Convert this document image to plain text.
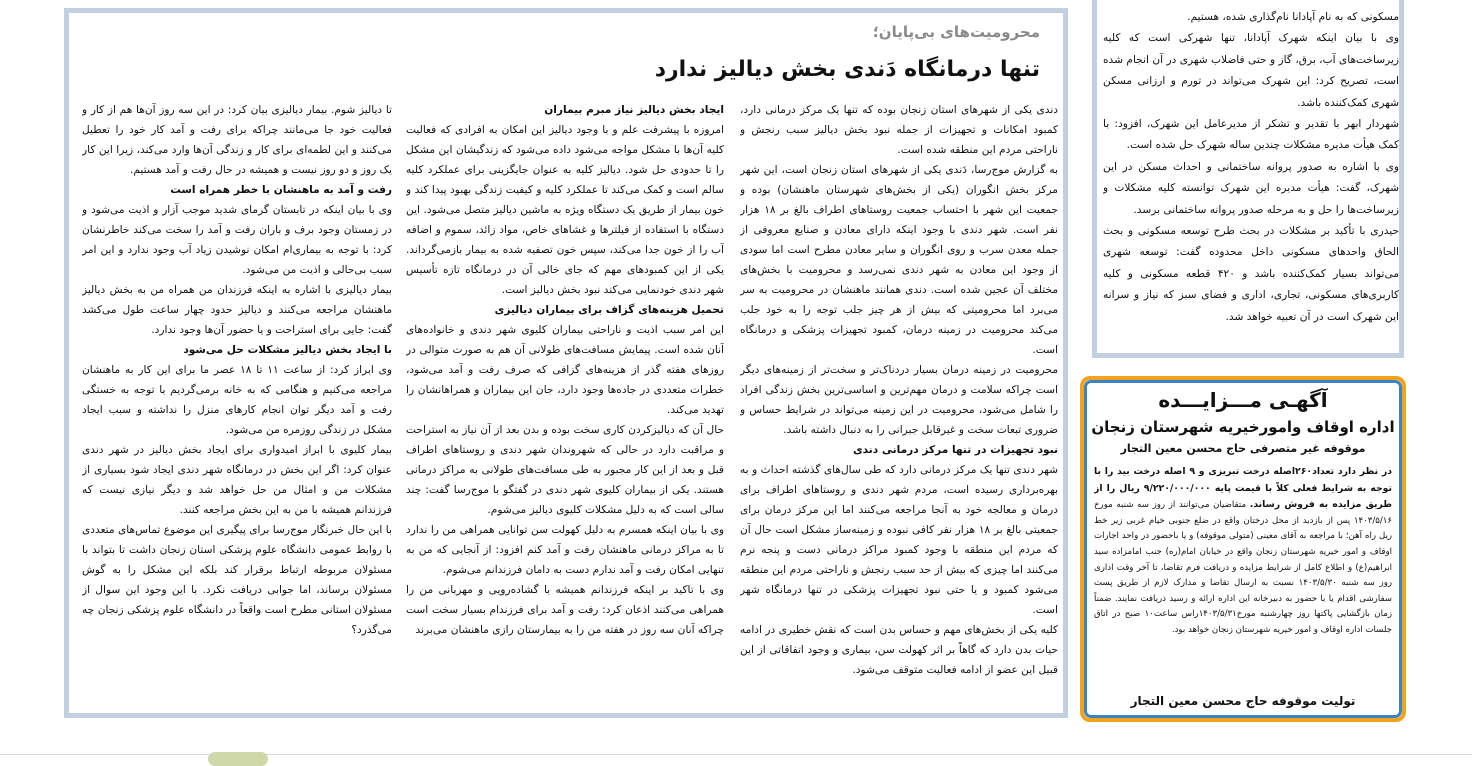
محرومیت‌های بی‌پایان؛
تنها درمانگاه دَندی بخش دیالیز ندارد

دندی یکی از شهرهای استان زنجان بوده که تنها یک مرکز درمانی دارد، کمبود امکانات و تجهیزات از جمله نبود بخش دیالیز سبب رنجش و ناراحتی مردم این منطقه شده است.

به گزارش موج‌رسا، دَندی یکی از شهرهای استان زنجان است، این شهر مرکز بخش انگوران (یکی از بخش‌های شهرستان ماهنشان) بوده و جمعیت این شهر با احتساب جمعیت روستاهای اطراف بالغ بر ۱۸ هزار نفر است. شهر دندی با وجود اینکه دارای معادن و صنایع معروفی از جمله معدن سرب و روی انگوران و سایر معادن مطرح است اما سودی از وجود این معادن به شهر دندی نمی‌رسد و محرومیت با بخش‌های مختلف آن عجین شده است. دندی همانند ماهنشان در محرومیت به سر می‌برد اما محرومیتی که بیش از هر چیز جلب توجه را به خود جلب می‌کند محرومیت در زمینه درمان، کمبود تجهیزات پزشکی و درمانگاه است.

محرومیت در زمینه درمان بسیار دردناک‌تر و سخت‌تر از زمینه‌های دیگر است چراکه سلامت و درمان مهم‌ترین و اساسی‌ترین بخش زندگی افراد را شامل می‌شود، محرومیت در این زمینه می‌تواند در شرایط حساس و ضروری تبعات سخت و غیرقابل جبرانی را به دنبال داشته باشد.

نبود تجهیزات در تنها مرکز درمانی دندی

شهر دندی تنها یک مرکز درمانی دارد که طی سال‌های گذشته احداث و به بهره‌برداری رسیده است، مردم شهر دندی و روستاهای اطراف برای درمان و معالجه خود به آنجا مراجعه می‌کنند اما این مرکز درمان برای جمعیتی بالغ بر ۱۸ هزار نفر کافی نبوده و زمینه‌ساز مشکل است حال آن که مردم این منطقه با وجود کمبود مراکز درمانی دست و پنجه نرم می‌کنند اما چیزی که بیش از حد سبب رنجش و ناراحتی مردم این منطقه می‌شود کمبود و یا حتی نبود تجهیزات پزشکی در تنها درمانگاه شهر است.

کلیه یکی از بخش‌های مهم و حساس بدن است که نقش خطیری در ادامه حیات بدن دارد که گاهاً بر اثر کهولت سن، بیماری و وجود اتفاقاتی از این قبیل این عضو از ادامه فعالیت متوقف می‌شود.

ایجاد بخش دیالیز نیاز مبرم بیماران

امروزه با پیشرفت علم و با وجود دیالیز این امکان به افرادی که فعالیت کلیه آن‌ها با مشکل مواجه می‌شود داده می‌شود که زندگیشان این مشکل را تا حدودی حل شود. دیالیز کلیه به عنوان جایگزینی برای عملکرد کلیه سالم است و کمک می‌کند تا عملکرد کلیه و کیفیت زندگی بهبود پیدا کند و خون بیمار از طریق یک دستگاه ویژه به ماشین دیالیز متصل می‌شود. این دستگاه با استفاده از فیلترها و غشاهای خاص، مواد زائد، سموم و اضافه آب را از خون جدا می‌کند، سپس خون تصفیه شده به بیمار بازمی‌گرداند. یکی از این کمبودهای مهم که جای خالی آن در درمانگاه تازه تأسیس شهر دندی خودنمایی می‌کند نبود بخش دیالیز است.

تحمیل هزینه‌های گزاف برای بیماران دیالیزی

این امر سبب اذیت و ناراحتی بیماران کلیوی شهر دندی و خانواده‌های آنان شده است. پیمایش مسافت‌های طولانی آن هم به صورت متوالی در روزهای هفته گذر از هزینه‌های گزافی که صرف رفت و آمد می‌شود، خطرات متعددی در جاده‌ها وجود دارد، جان این بیماران و همراهانشان را تهدید می‌کند.

حال آن که دیالیزکردن کاری سخت بوده و بدن بعد از آن نیاز به استراحت و مراقبت دارد در حالی که شهروندان شهر دندی و روستاهای اطراف قبل و بعد از این کار مجبور به طی مسافت‌های طولانی به مراکز درمانی هستند. یکی از بیماران کلیوی شهر دندی در گفتگو با موج‌رسا گفت: چند سالی است که به دلیل مشکلات کلیوی دیالیز می‌شوم.

وی با بیان اینکه همسرم به دلیل کهولت سن توانایی همراهی من را ندارد تا به مراکز درمانی ماهنشان رفت و آمد کنم افزود: از آنجایی که من به تنهایی امکان رفت و آمد ندارم دست به دامان فرزندانم می‌شوم.

وی با تاکید بر اینکه فرزندانم همیشه با گشاده‌رویی و مهربانی من را همراهی می‌کنند اذعان کرد: رفت و آمد برای فرزندام بسیار سخت است چراکه آنان سه روز در هفته من را به بیمارستان رازی ماهنشان می‌برند

تا دیالیز شوم. بیمار دیالیزی بیان کرد: در این سه روز آن‌ها هم از کار و فعالیت خود جا می‌مانند چراکه برای رفت و آمد کار خود را تعطیل می‌کنند و این لطمه‌ای برای کار و زندگی آن‌ها وارد می‌کند، زیرا این کار یک روز و دو روز نیست و همیشه در حال رفت و آمد هستیم.

رفت و آمد به ماهنشان با خطر همراه است

وی با بیان اینکه در تابستان گرمای شدید موجب آزار و اذیت می‌شود و در زمستان وجود برف و باران رفت و آمد را سخت می‌کند خاطرنشان کرد: با توجه به بیماری‌ام امکان نوشیدن زیاد آب وجود ندارد و این امر سبب بی‌حالی و اذیت من می‌شود.

بیمار دیالیزی با اشاره به اینکه فرزندان من همراه من به بخش دیالیز ماهنشان مراجعه می‌کنند و دیالیز حدود چهار ساعت طول می‌کشد گفت: جایی برای استراحت و یا حضور آن‌ها وجود ندارد.

با ایجاد بخش دیالیز مشکلات حل می‌شود

وی ابراز کرد: از ساعت ۱۱ تا ۱۸ عصر ما برای این کار به ماهنشان مراجعه می‌کنیم و هنگامی که به خانه برمی‌گردیم با توجه به خستگی رفت و آمد دیگر توان انجام کارهای منزل را نداشته و سبب ایجاد مشکل در زندگی روزمره من می‌شود.

بیمار کلیوی با ابراز امیدواری برای ایجاد بخش دیالیز در شهر دندی عنوان کرد: اگر این بخش در درمانگاه شهر دندی ایجاد شود بسیاری از مشکلات من و امثال من حل خواهد شد و دیگر نیازی نیست که فرزندانم همیشه با من به این بخش مراجعه کنند.

با این حال خبرنگار موج‌رسا برای پیگیری این موضوع تماس‌های متعددی با روابط عمومی دانشگاه علوم پزشکی استان زنجان داشت تا بتواند با مسئولان مربوطه ارتباط برقرار کند بلکه این مشکل را به گوش مسئولان برساند، اما جوابی دریافت نکرد. با این وجود این سوال از مسئولان استانی مطرح است واقعاً در دانشگاه علوم پزشکی زنجان چه می‌گذرد؟

مسکونی که به نام آپادانا نام‌گذاری شده، هستیم.

وی با بیان اینکه شهرک آپادانا، تنها شهرکی است که کلیه زیرساخت‌های آب، برق، گاز و حتی فاضلاب شهری در آن انجام شده است، تصریح کرد: این شهرک می‌تواند در تورم و ارزانی مسکن شهری کمک‌کننده باشد.

شهردار ابهر با تقدیر و تشکر از مدیرعامل این شهرک، افزود: با کمک هیأت مدیره مشکلات چندین ساله شهرک حل شده است.

وی با اشاره به صدور پروانه ساختمانی و احداث مسکن در این شهرک، گفت: هیأت مدیره این شهرک توانسته کلیه مشکلات و زیرساخت‌ها را حل و به مرحله صدور پروانه ساختمانی برسد.

حیدری با تأکید بر مشکلات در بحث طرح توسعه مسکونی و بحث الحاق واحدهای مسکونی داخل محدوده گفت: توسعه شهری می‌تواند بسیار کمک‌کننده باشد و ۴۲۰ قطعه مسکونی و کلیه کاربری‌های مسکونی، تجاری، اداری و فضای سبز که نیاز و سرانه این شهرک است در آن تعبیه خواهد شد.

آگهـی مـــزایـــده
اداره اوقاف وامورخیریه شهرستان زنجان
موقوفه غیر متصرفی حاج محسن معین التجار
در نظر دارد تعداد۲۶۰اصله درخت تبریزی و ۹ اصله درخت بید را با توجه به شرایط فعلی کلاً با قیمت پایه ۹/۲۲۰/۰۰۰/۰۰۰ ریال را از طریق مزایده به فروش رساند. متقاضیان می‌توانند از روز سه شنبه مورخ ۱۴۰۳/۵/۱۶ پس از بازدید از محل درختان واقع در ضلع جنوبی خیام غربی زیر خط ریل راه آهن؛ با مراجعه به آقای معینی (متولی موقوفه) و یا باحضور در واحد اجارات اوقاف و امور خیریه شهرستان زنجان واقع در خیابان امام(ره) جنب امامزاده سید ابراهیم(ع) و اطلاع کامل از شرایط مزایده و دریافت فرم تقاضا، تا آخر وقت اداری روز سه شنبه ۱۴۰۳/۵/۳۰ نسبت به ارسال تقاضا و مدارک لازم از طریق پست سفارشی اقدام یا با حضور به دبیرخانه این اداره ارائه و رسید دریافت نمایند. ضمناً زمان بازگشایی پاکتها روز چهارشنبه مورخ۱۴۰۳/۵/۳۱راس ساعت۱۰ صبح در اتاق جلسات اداره اوقاف و امور خیریه شهرستان زنجان خواهد بود.
تولیت موقوفه حاج محسن معین التجار
